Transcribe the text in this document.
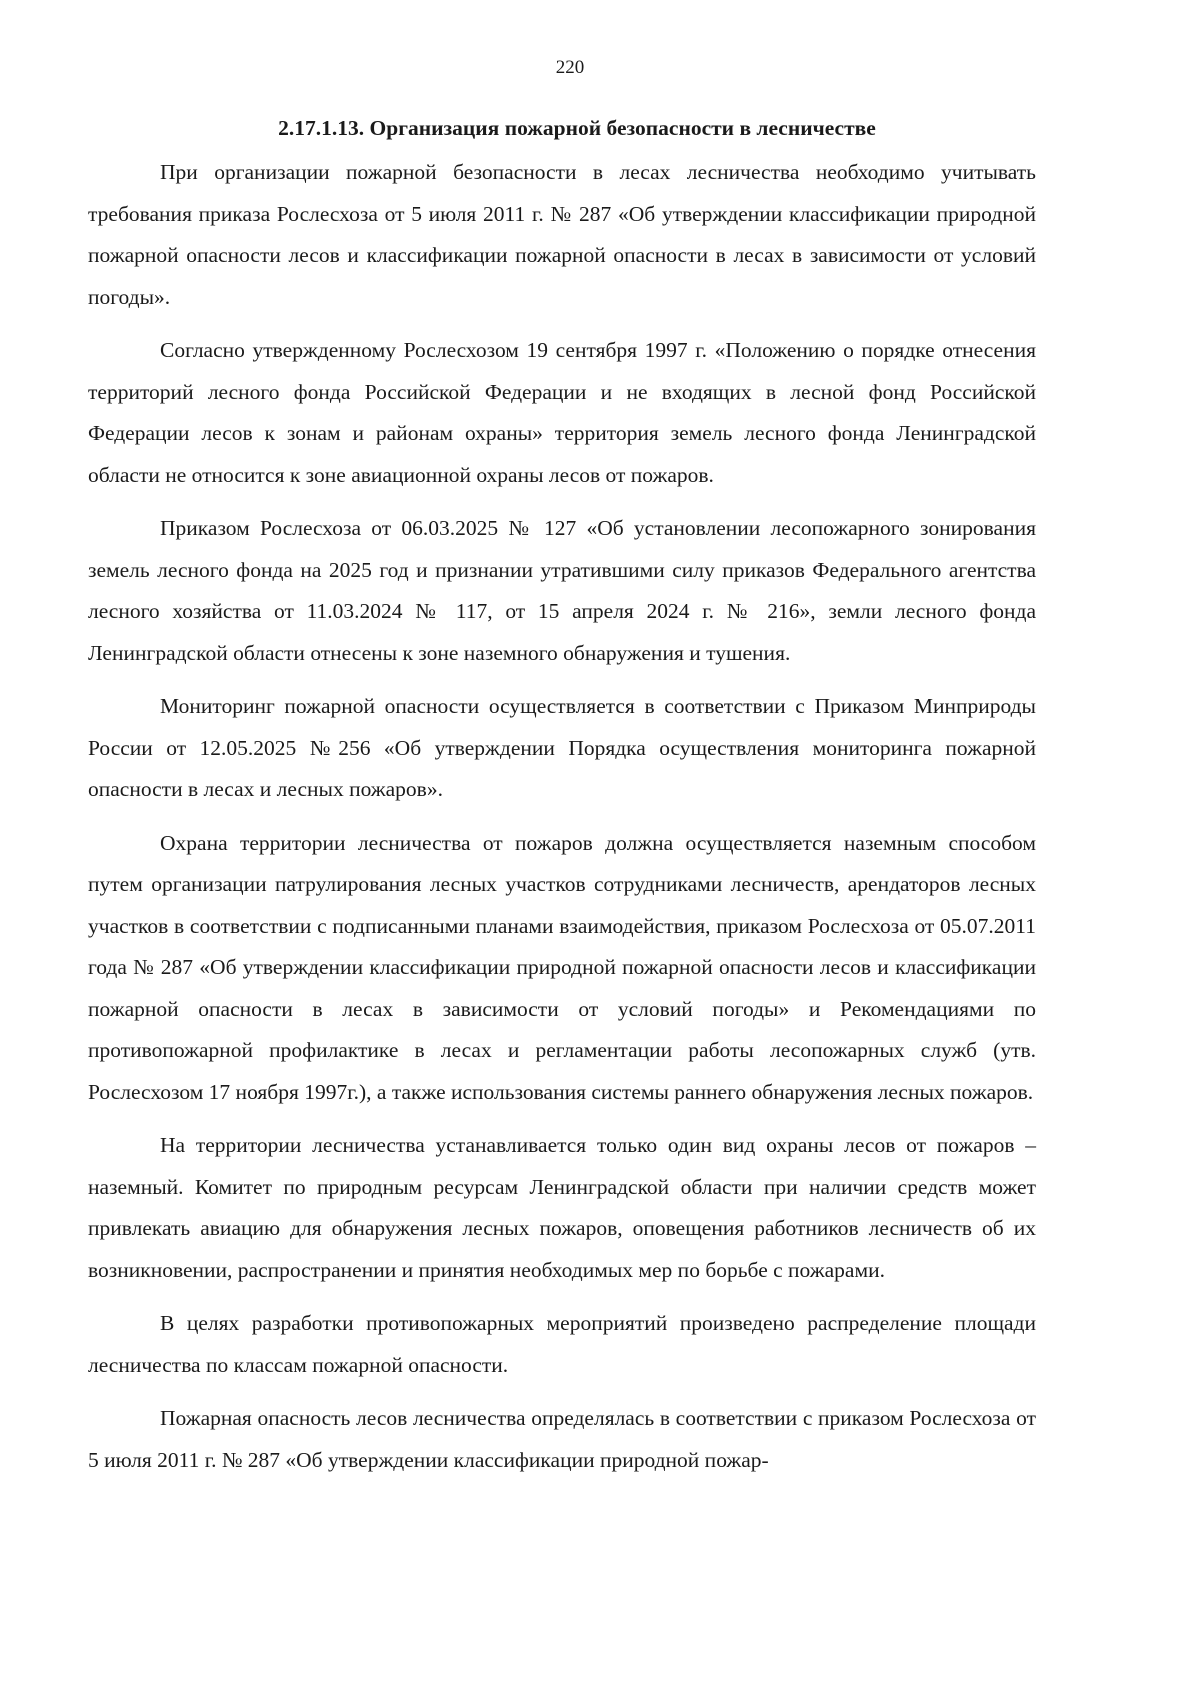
220
2.17.1.13. Организация пожарной безопасности в лесничестве

При организации пожарной безопасности в лесах лесничества необходимо учитывать требования приказа Рослесхоза от 5 июля 2011 г. № 287 «Об утверждении классификации природной пожарной опасности лесов и классификации пожарной опасности в лесах в зависимости от условий погоды».

Согласно утвержденному Рослесхозом 19 сентября 1997 г. «Положению о порядке отнесения территорий лесного фонда Российской Федерации и не входящих в лесной фонд Российской Федерации лесов к зонам и районам охраны» территория земель лесного фонда Ленинградской области не относится к зоне авиационной охраны лесов от пожаров.

Приказом Рослесхоза от 06.03.2025 № 127 «Об установлении лесопожарного зонирования земель лесного фонда на 2025 год и признании утратившими силу приказов Федерального агентства лесного хозяйства от 11.03.2024 № 117, от 15 апреля 2024 г. № 216», земли лесного фонда Ленинградской области отнесены к зоне наземного обнаружения и тушения.

Мониторинг пожарной опасности осуществляется в соответствии с Приказом Минприроды России от 12.05.2025 №256 «Об утверждении Порядка осуществления мониторинга пожарной опасности в лесах и лесных пожаров».

Охрана территории лесничества от пожаров должна осуществляется наземным способом путем организации патрулирования лесных участков сотрудниками лесничеств, арендаторов лесных участков в соответствии с подписанными планами взаимодействия, приказом Рослесхоза от 05.07.2011 года № 287 «Об утверждении классификации природной пожарной опасности лесов и классификации пожарной опасности в лесах в зависимости от условий погоды» и Рекомендациями по противопожарной профилактике в лесах и регламентации работы лесопожарных служб (утв. Рослесхозом 17 ноября 1997г.), а также использования системы раннего обнаружения лесных пожаров.

На территории лесничества устанавливается только один вид охраны лесов от пожаров – наземный. Комитет по природным ресурсам Ленинградской области при наличии средств может привлекать авиацию для обнаружения лесных пожаров, оповещения работников лесничеств об их возникновении, распространении и принятия необходимых мер по борьбе с пожарами.

В целях разработки противопожарных мероприятий произведено распределение площади лесничества по классам пожарной опасности.

Пожарная опасность лесов лесничества определялась в соответствии с приказом Рослесхоза от 5 июля 2011 г. № 287 «Об утверждении классификации природной пожар-
